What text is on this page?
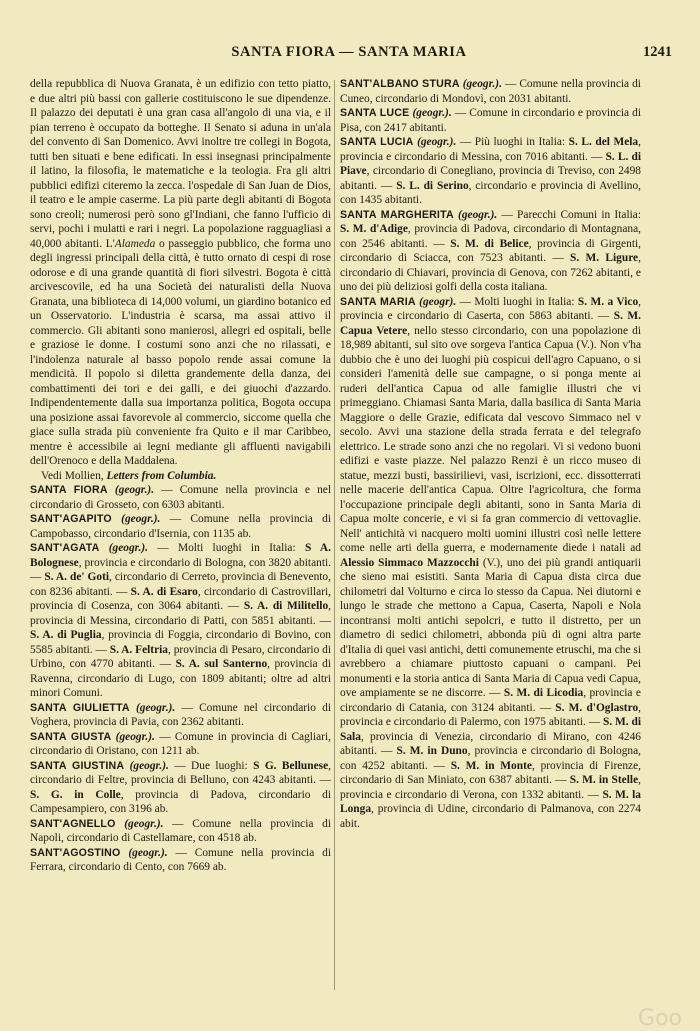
SANTA FIORA — SANTA MARIA	1241

della repubblica di Nuova Granata, è un edifizio con tetto piatto, e due altri più bassi con gallerie costituiscono le sue dipendenze. Il palazzo dei deputati è una gran casa all'angolo di una via, e il pian terreno è occupato da botteghe. Il Senato si aduna in un'ala del convento di San Domenico. Avvi inoltre tre collegi in Bogota, tutti ben situati e bene edificati. In essi insegnasi principalmente il latino, la filosofia, le matematiche e la teologia. Fra gli altri pubblici edifizi citeremo la zecca. l'ospedale di San Juan de Dios, il teatro e le ampie caserme. La più parte degli abitanti di Bogota sono creoli; numerosi però sono gl'Indiani, che fanno l'ufficio di servi, pochi i mulatti e rari i negri. La popolazione ragguagliasi a 40,000 abitanti. L'Alameda o passeggio pubblico, che forma uno degli ingressi principali della città, è tutto ornato di cespi di rose odorose e di una grande quantità di fiori silvestri. Bogota è città arcivescovile, ed ha una Società dei naturalisti della Nuova Granata, una biblioteca di 14,000 volumi, un giardino botanico ed un Osservatorio. L'industria è scarsa, ma assai attivo il commercio. Gli abitanti sono manierosi, allegri ed ospitali, belle e graziose le donne. I costumi sono anzi che no rilassati, e l'indolenza naturale al basso popolo rende assai comune la mendicità. Il popolo si diletta grandemente della danza, dei combattimenti dei tori e dei galli, e dei giuochi d'azzardo. Indipendentemente dalla sua importanza politica, Bogota occupa una posizione assai favorevole al commercio, siccome quella che giace sulla strada più conveniente fra Quito e il mar Caribbeo, mentre è accessibile ai legni mediante gli affluenti navigabili dell'Orenoco e della Maddalena.

Vedi Mollien, Letters from Columbia.

SANTA FIORA (geogr.). — Comune nella provincia e nel circondario di Grosseto, con 6303 abitanti.

SANT'AGAPITO (geogr.). — Comune nella provincia di Campobasso, circondario d'Isernia, con 1135 ab.

SANT'AGATA (geogr.). — Molti luoghi in Italia: S A. Bolognese, provincia e circondario di Bologna, con 3820 abitanti. — S. A. de' Goti, circondario di Cerreto, provincia di Benevento, con 8236 abitanti. — S. A. di Esaro, circondario di Castrovillari, provincia di Cosenza, con 3064 abitanti. — S. A. di Militello, provincia di Messina, circondario di Patti, con 5851 abitanti. — S. A. di Puglia, provincia di Foggia, circondario di Bovino, con 5585 abitanti. — S. A. Feltria, provincia di Pesaro, circondario di Urbino, con 4770 abitanti. — S. A. sul Santerno, provincia di Ravenna, circondario di Lugo, con 1809 abitanti; oltre ad altri minori Comuni.

SANTA GIULIETTA (geogr.). — Comune nel circondario di Voghera, provincia di Pavia, con 2362 abitanti.

SANTA GIUSTA (geogr.). — Comune in provincia di Cagliari, circondario di Oristano, con 1211 ab.

SANTA GIUSTINA (geogr.). — Due luoghi: S G. Bellunese, circondario di Feltre, provincia di Belluno, con 4243 abitanti. — S. G. in Colle, provincia di Padova, circondario di Campesampiero, con 3196 ab.

SANT'AGNELLO (geogr.). — Comune nella provincia di Napoli, circondario di Castellamare, con 4518 ab.

SANT'AGOSTINO (geogr.). — Comune nella provincia di Ferrara, circondario di Cento, con 7669 ab.

SANT'ALBANO STURA (geogr.). — Comune nella provincia di Cuneo, circondario di Mondovì, con 2031 abitanti.

SANTA LUCE (geogr.). — Comune in circondario e provincia di Pisa, con 2417 abitanti.

SANTA LUCIA (geogr.). — Più luoghi in Italia: S. L. del Mela, provincia e circondario di Messina, con 7016 abitanti. — S. L. di Piave, circondario di Conegliano, provincia di Treviso, con 2498 abitanti. — S. L. di Serino, circondario e provincia di Avellino, con 1435 abitanti.

SANTA MARGHERITA (geogr.). — Parecchi Comuni in Italia: S. M. d'Adige, provincia di Padova, circondario di Montagnana, con 2546 abitanti. — S. M. di Belice, provincia di Girgenti, circondario di Sciacca, con 7523 abitanti. — S. M. Ligure, circondario di Chiavari, provincia di Genova, con 7262 abitanti, e uno dei più deliziosi golfi della costa italiana.

SANTA MARIA (geogr). — Molti luoghi in Italia: S. M. a Vico, provincia e circondario di Caserta, con 5863 abitanti. — S. M. Capua Vetere, nello stesso circondario, con una popolazione di 18,989 abitanti, sul sito ove sorgeva l'antica Capua (V.). Non v'ha dubbio che è uno dei luoghi più cospicui dell'agro Capuano, o si consideri l'amenità delle sue campagne, o si ponga mente ai ruderi dell'antica Capua od alle famiglie illustri che vi primeggiano. Chiamasi Santa Maria, dalla basilica di Santa Maria Maggiore o delle Grazie, edificata dal vescovo Simmaco nel v secolo. Avvi una stazione della strada ferrata e del telegrafo elettrico. Le strade sono anzi che no regolari. Vi si vedono buoni edifizi e vaste piazze. Nel palazzo Renzi è un ricco museo di statue, mezzi busti, bassirilievi, vasi, iscrizioni, ecc. dissotterrati nelle macerie dell'antica Capua. Oltre l'agricoltura, che forma l'occupazione principale degli abitanti, sono in Santa Maria di Capua molte concerie, e vi si fa gran commercio di vettovaglie. Nell' antichità vi nacquero molti uomini illustri così nelle lettere come nelle arti della guerra, e modernamente diede i natali ad Alessio Simmaco Mazzocchi (V.), uno dei più grandi antiquarii che sieno mai esistiti. Santa Maria di Capua dista circa due chilometri dal Volturno e circa lo stesso da Capua. Nei diutorni e lungo le strade che mettono a Capua, Caserta, Napoli e Nola incontransi molti antichi sepolcri, e tutto il distretto, per un diametro di sedici chilometri, abbonda più di ogni altra parte d'Italia di quei vasi antichi, detti comunemente etruschi, ma che si avrebbero a chiamare piuttosto capuani o campani. Pei monumenti e la storia antica di Santa Maria di Capua vedi Capua, ove ampiamente se ne discorre. — S. M. di Licodia, provincia e circondario di Catania, con 3124 abitanti. — S. M. d'Oglastro, provincia e circondario di Palermo, con 1975 abitanti. — S. M. di Sala, provincia di Venezia, circondario di Mirano, con 4246 abitanti. — S. M. in Duno, provincia e circondario di Bologna, con 4252 abitanti. — S. M. in Monte, provincia di Firenze, circondario di San Miniato, con 6387 abitanti. — S. M. in Stelle, provincia e circondario di Verona, con 1332 abitanti. — S. M. la Longa, provincia di Udine, circondario di Palmanova, con 2274 abit.

Goo
